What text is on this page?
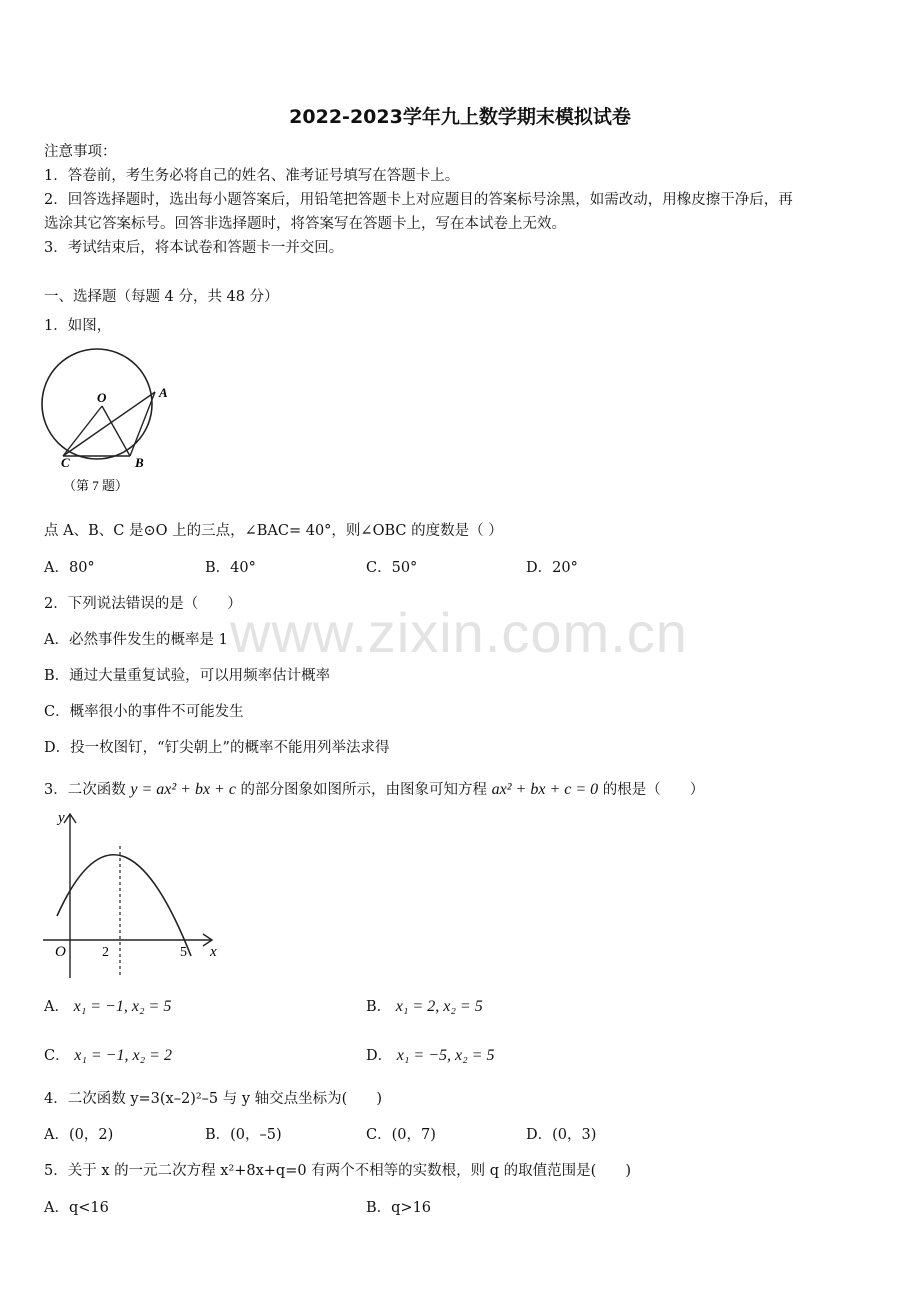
www.zixin.com.cn
2022-2023学年九上数学期末模拟试卷
注意事项：
1．答卷前，考生务必将自己的姓名、准考证号填写在答题卡上。
2．回答选择题时，选出每小题答案后，用铅笔把答题卡上对应题目的答案标号涂黑，如需改动，用橡皮擦干净后，再
选涂其它答案标号。回答非选择题时，将答案写在答题卡上，写在本试卷上无效。
3．考试结束后，将本试卷和答题卡一并交回。
一、选择题（每题 4 分，共 48 分）
1．如图，
O	A
C	B
（第 7 题）
点 A、B、C 是⊙O 上的三点，∠BAC= 40°，则∠OBC 的度数是（ ）
A．80°	B．40°	C．50°	D．20°
2．下列说法错误的是（　　）
A．必然事件发生的概率是 1
B．通过大量重复试验，可以用频率估计概率
C．概率很小的事件不可能发生
D．投一枚图钉，“钉尖朝上”的概率不能用列举法求得
3．二次函数 y = ax² + bx + c 的部分图象如图所示，由图象可知方程 ax² + bx + c = 0 的根是（　　）
y
x
O	2	5
A． x₁ = −1, x₂ = 5	B． x₁ = 2, x₂ = 5
C． x₁ = −1, x₂ = 2	D． x₁ = −5, x₂ = 5
4．二次函数 y=3(x–2)²–5 与 y 轴交点坐标为(　　)
A．(0，2)	B．(0，–5)	C．(0，7)	D．(0，3)
5．关于 x 的一元二次方程 x²+8x+q=0 有两个不相等的实数根，则 q 的取值范围是(　　)
A．q<16	B．q>16
